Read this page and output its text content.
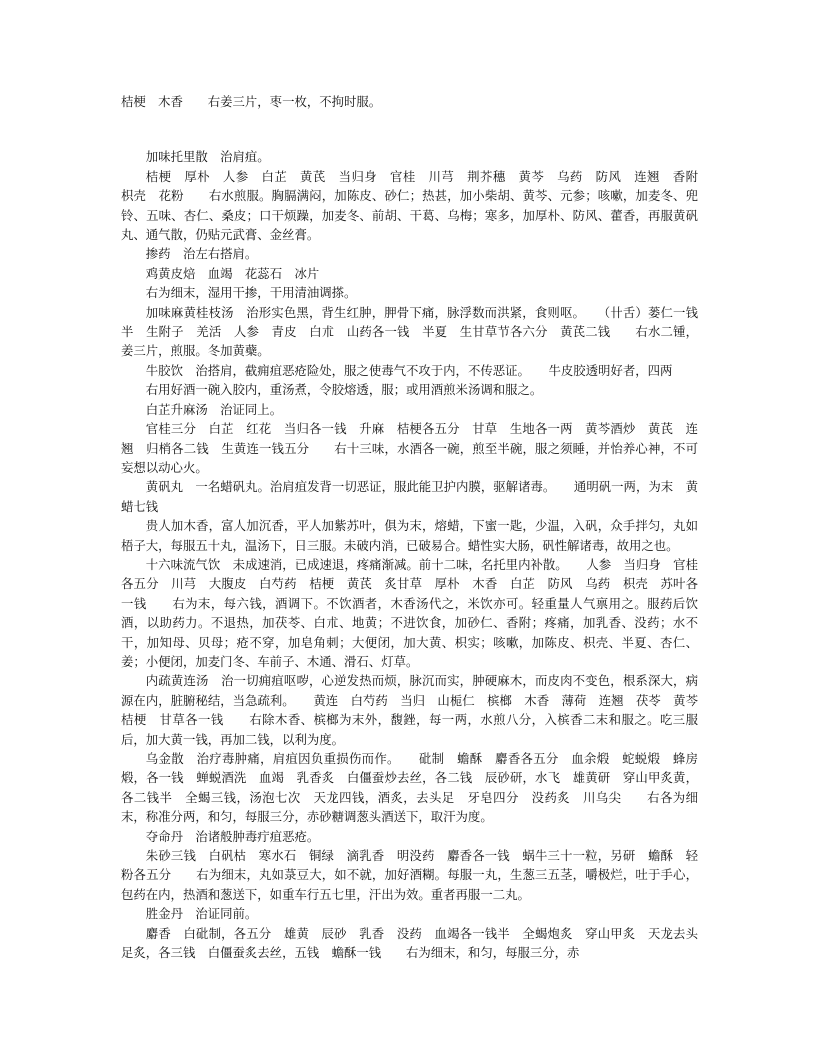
桔梗　木香　　右姜三片，枣一枚，不拘时服。

加味托里散　治肩疽。

桔梗　厚朴　人参　白芷　黄芪　当归身　官桂　川芎　荆芥穗　黄芩　乌药　防风　连翘　香附　枳壳　花粉　　右水煎服。胸膈满闷，加陈皮、砂仁；热甚，加小柴胡、黄芩、元参；咳嗽，加麦冬、兜铃、五味、杏仁、桑皮；口干烦躁，加麦冬、前胡、干葛、乌梅；寒多，加厚朴、防风、藿香，再服黄矾丸、通气散，仍贴元武膏、金丝膏。

掺药　治左右搭肩。

鸡黄皮焙　血竭　花蕊石　冰片

右为细末，湿用干掺，干用清油调搽。

加味麻黄桂枝汤　治形实色黑，背生红肿，胛骨下痛，脉浮数而洪紧，食则呕。　　（卄舌）蒌仁一钱半　生附子　羌活　人参　青皮　白朮　山药各一钱　半夏　生甘草节各六分　黄芪二钱　　右水二锺，姜三片，煎服。冬加黄蘗。

牛胶饮　治搭肩，截痈疽恶疮险处，服之使毒气不攻于内，不传恶证。　　牛皮胶透明好者，四两

右用好酒一碗入胶内，重汤煮，令胶熔透，服；或用酒煎米汤调和服之。

白芷升麻汤　治证同上。

官桂三分　白芷　红花　当归各一钱　升麻　桔梗各五分　甘草　生地各一两　黄芩酒炒　黄芪　连翘　归梢各二钱　生黄连一钱五分　　右十三味，水酒各一碗，煎至半碗，服之须睡，并怡养心神，不可妄想以动心火。

黄矾丸　一名蜡矾丸。治肩疽发背一切恶证，服此能卫护内膜，驱解诸毒。　　通明矾一两，为末　黄蜡七钱

贵人加木香，富人加沉香，平人加紫苏叶，俱为末，熔蜡，下蜜一匙，少温，入矾，众手拌匀，丸如梧子大，每服五十丸，温汤下，日三服。未破内消，已破易合。蜡性实大肠，矾性解诸毒，故用之也。

十六味流气饮　未成速消，已成速退，疼痛渐减。前十二味，名托里内补散。　　人参　当归身　官桂各五分　川芎　大腹皮　白芍药　桔梗　黄芪　炙甘草　厚朴　木香　白芷　防风　乌药　枳壳　苏叶各一钱　　右为末，每六钱，酒调下。不饮酒者，木香汤代之，米饮亦可。轻重量人气禀用之。服药后饮酒，以助药力。不退热，加茯苓、白朮、地黄；不进饮食，加砂仁、香附；疼痛，加乳香、没药；水不干，加知母、贝母；疮不穿，加皂角刺；大便闭，加大黄、枳实；咳嗽，加陈皮、枳壳、半夏、杏仁、姜；小便闭，加麦门冬、车前子、木通、滑石、灯草。

内疏黄连汤　治一切痈疽呕哕，心逆发热而烦，脉沉而实，肿硬麻木，而皮肉不变色，根系深大，病源在内，脏腑秘结，当急疏利。　　黄连　白芍药　当归　山栀仁　槟榔　木香　薄荷　连翘　茯苓　黄芩　桔梗　甘草各一钱　　右除木香、槟榔为末外，馥銼，每一两，水煎八分，入槟香二末和服之。吃三服后，加大黄一钱，再加二钱，以利为度。

乌金散　治疗毒肿痛，肩疽因负重损伤而作。　　砒制　蟾酥　麝香各五分　血余煅　蛇蜕煅　蜂房煅，各一钱　蝉蜕酒洗　血竭　乳香炙　白僵蚕炒去丝，各二钱　辰砂研，水飞　雄黄研　穿山甲炙黄，各二钱半　全蝎三钱，汤泡七次　天龙四钱，酒炙，去头足　牙皂四分　没药炙　川乌尖　　右各为细末，称准分两，和匀，每服三分，赤砂糖调葱头酒送下，取汗为度。

夺命丹　治诸般肿毒疔疽恶疮。

朱砂三钱　白矾枯　寒水石　铜绿　滴乳香　明没药　麝香各一钱　蜗牛三十一粒，另研　蟾酥　轻粉各五分　　右为细末，丸如菉豆大，如不就，加好酒糊。每服一丸，生葱三五茎，嚼极烂，吐于手心，包药在内，热酒和葱送下，如重车行五七里，汗出为效。重者再服一二丸。

胜金丹　治证同前。

麝香　白砒制，各五分　雄黄　辰砂　乳香　没药　血竭各一钱半　全蝎炮炙　穿山甲炙　天龙去头足炙，各三钱　白僵蚕炙去丝，五钱　蟾酥一钱　　右为细末，和匀，每服三分，赤
